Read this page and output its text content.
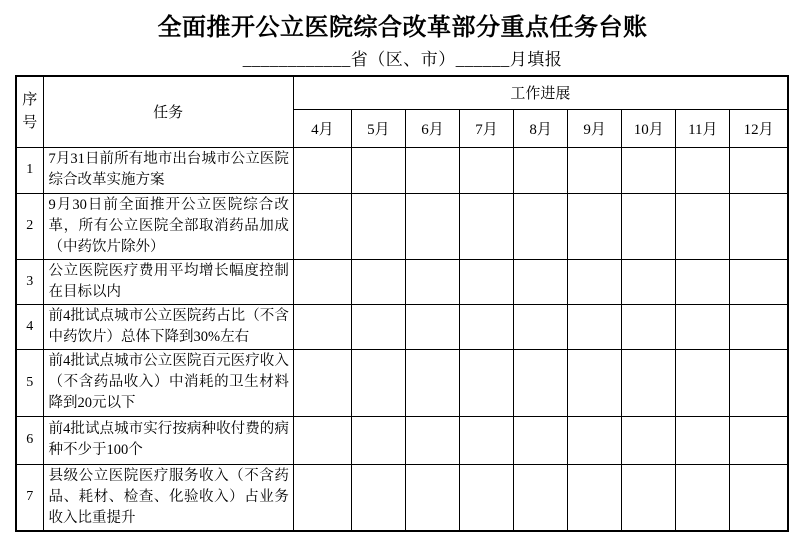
全面推开公立医院综合改革部分重点任务台账
____________省（区、市）______月填报
序号	任务	工作进展								
		4月	5月	6月	7月	8月	9月	10月	11月	12月
1	7月31日前所有地市出台城市公立医院综合改革实施方案									
2	9月30日前全面推开公立医院综合改革，所有公立医院全部取消药品加成（中药饮片除外）									
3	公立医院医疗费用平均增长幅度控制在目标以内									
4	前4批试点城市公立医院药占比（不含中药饮片）总体下降到30%左右									
5	前4批试点城市公立医院百元医疗收入（不含药品收入）中消耗的卫生材料降到20元以下									
6	前4批试点城市实行按病种收付费的病种不少于100个									
7	县级公立医院医疗服务收入（不含药品、耗材、检查、化验收入）占业务收入比重提升									
